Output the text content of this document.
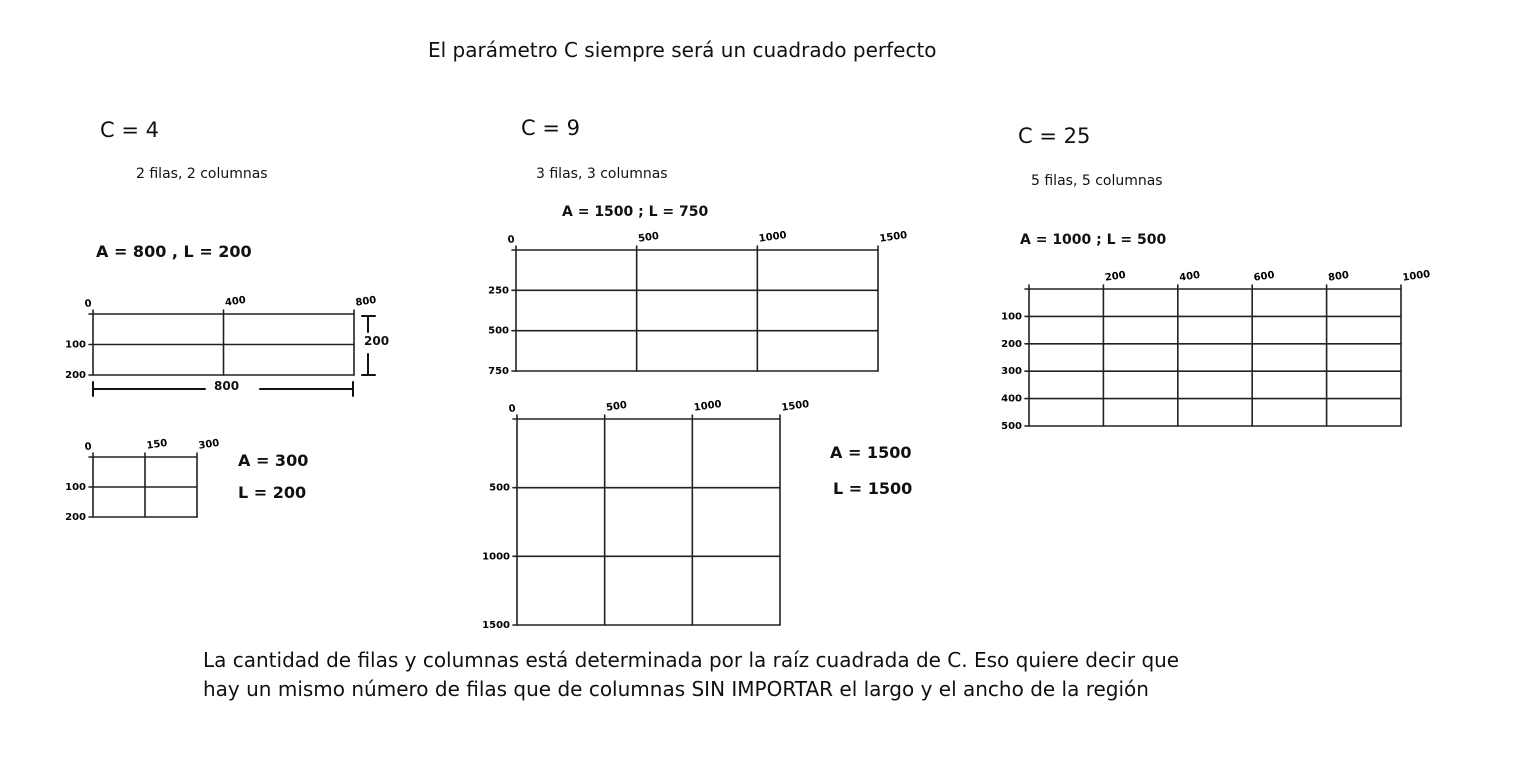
El parámetro C siempre será un cuadrado perfecto
C = 4
2 filas, 2 columnas
A = 800 , L = 200
A = 300
L = 200
800
200
C = 9
3 filas, 3 columnas
A = 1500 ; L = 750
A = 1500
L = 1500
C = 25
5 filas, 5 columnas
A = 1000 ; L = 500
La cantidad de filas y columnas está determinada por la raíz cuadrada de C. Eso quiere decir que
hay un mismo número de filas que de columnas SIN IMPORTAR el largo y el ancho de la región
0	400	800
100
200
0	150	300
100
200
0	500	1000	1500
250
500
750
0	500	1000	1500
500
1000
1500
200	400	600	800	1000
100
200
300
400
500
